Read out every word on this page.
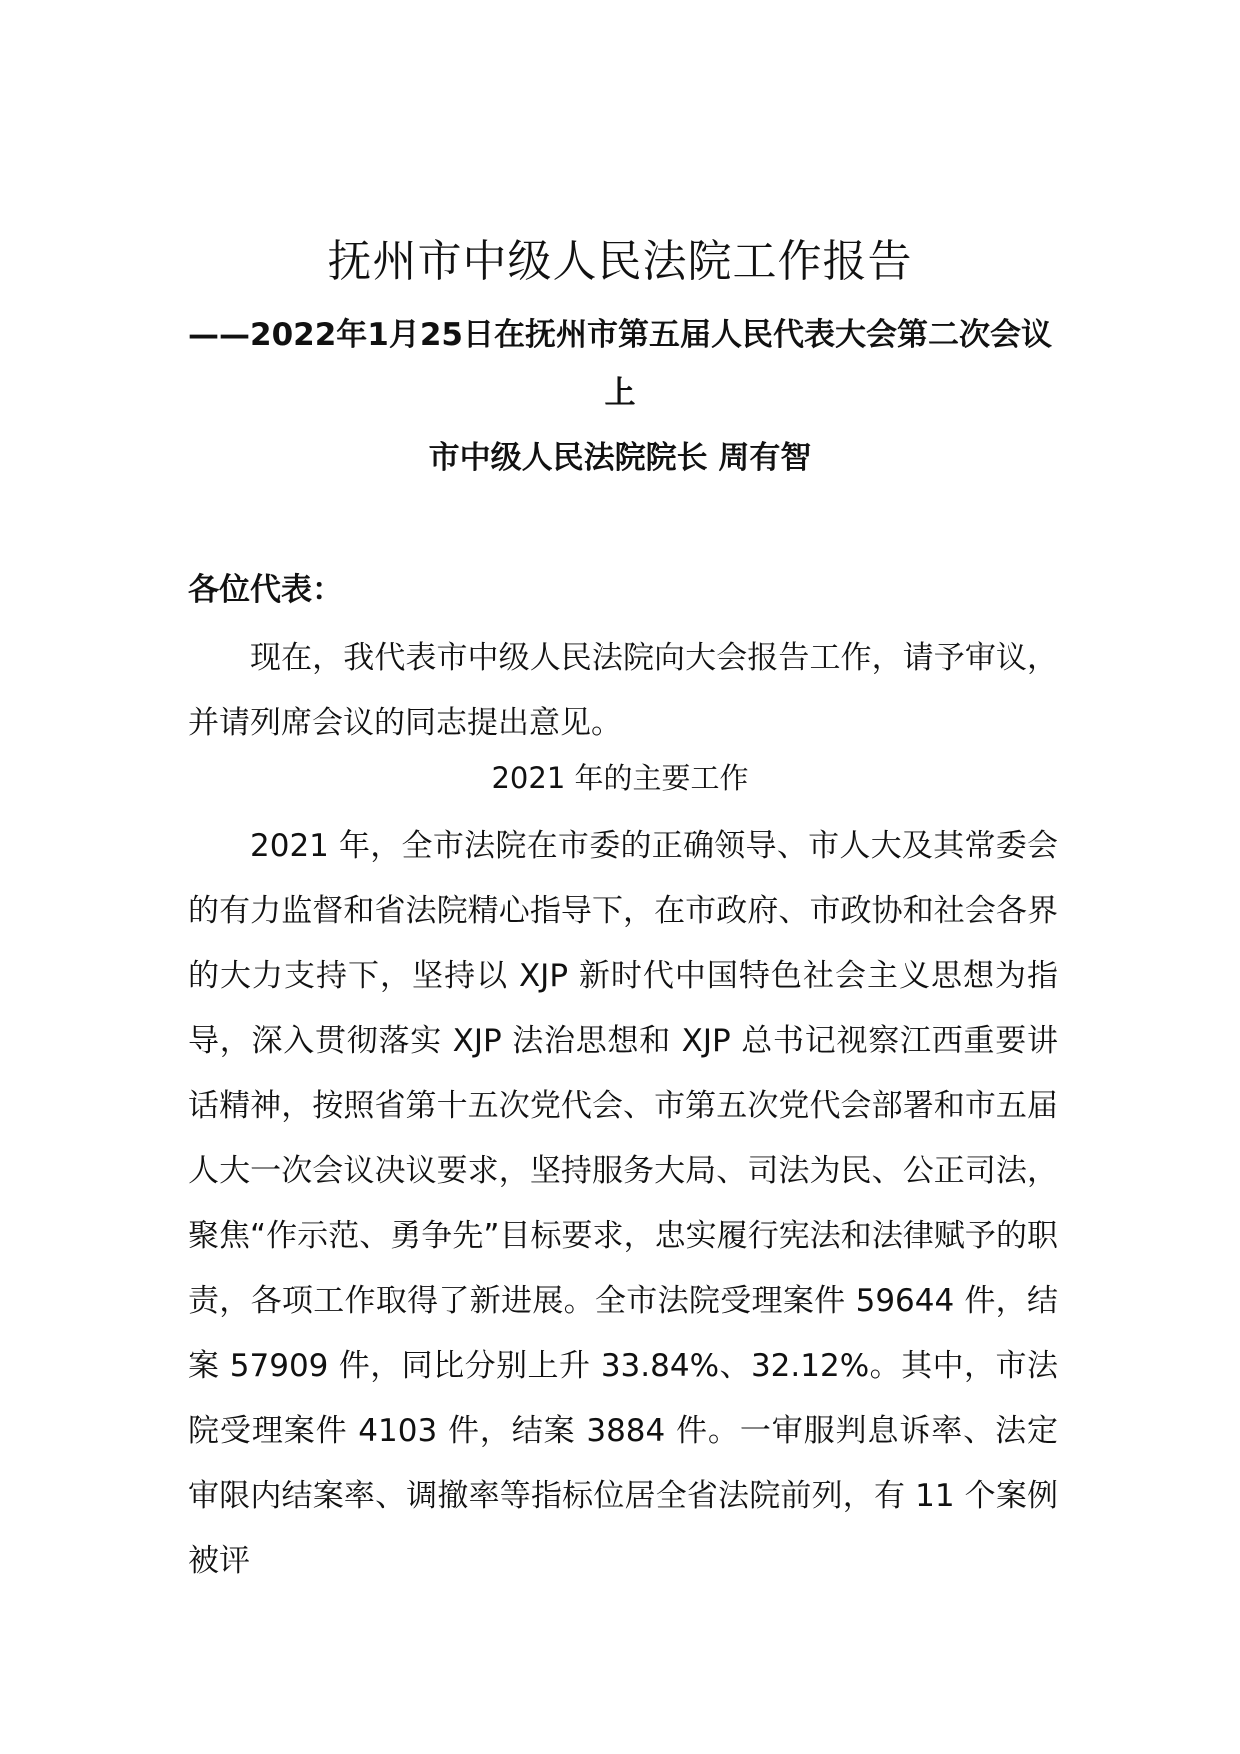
抚州市中级人民法院工作报告

——2022年1月25日在抚州市第五届人民代表大会第二次会议上

市中级人民法院院长 周有智

各位代表：

现在，我代表市中级人民法院向大会报告工作，请予审议，并请列席会议的同志提出意见。

2021 年的主要工作

2021 年，全市法院在市委的正确领导、市人大及其常委会的有力监督和省法院精心指导下，在市政府、市政协和社会各界的大力支持下，坚持以 XJP 新时代中国特色社会主义思想为指导，深入贯彻落实 XJP 法治思想和 XJP 总书记视察江西重要讲话精神，按照省第十五次党代会、市第五次党代会部署和市五届人大一次会议决议要求，坚持服务大局、司法为民、公正司法，聚焦“作示范、勇争先”目标要求，忠实履行宪法和法律赋予的职责，各项工作取得了新进展。全市法院受理案件 59644 件，结案 57909 件，同比分别上升 33.84%、32.12%。其中，市法院受理案件 4103 件，结案 3884 件。一审服判息诉率、法定审限内结案率、调撤率等指标位居全省法院前列，有 11 个案例被评
